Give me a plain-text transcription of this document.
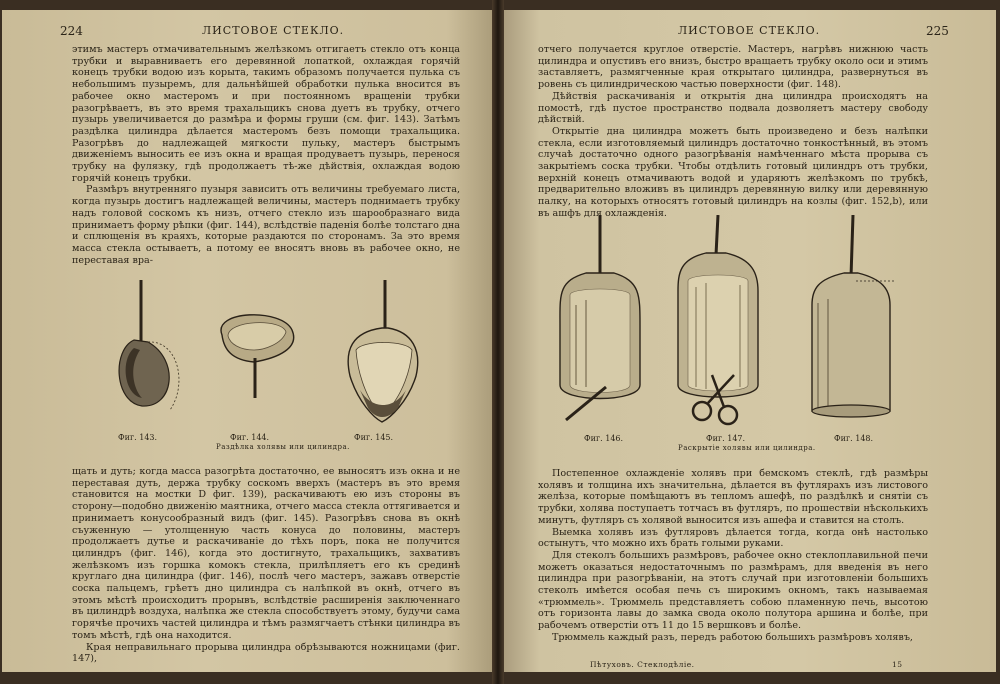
224	ЛИСТОВОЕ СТЕКЛО.

этимъ мастеръ отмачивательнымъ желѣзкомъ отгигаетъ стекло отъ конца трубки и выравниваетъ его деревянной лопаткой, охлаждая горячій конецъ трубки водою изъ корыта, такимъ образомъ получается пулька съ небольшимъ пузыремъ, для дальнѣйшей обработки пулька вносится въ рабочее окно мастеромъ и при постоянномъ вращеніи трубки разогрѣваетъ, въ это время трахальщикъ снова дуетъ въ трубку, отчего пузырь увеличивается до размѣра и формы груши (см. фиг. 143). Затѣмъ раздѣлка цилиндра дѣлается мастеромъ безъ помощи трахальщика. Разогрѣвъ до надлежащей мягкости пульку, мастеръ быстрымъ движеніемъ выносить ее изъ окна и вращая продуваетъ пузырь, перенося трубку на фулязку, гдѣ продолжаетъ тѣ-же дѣйствія, охлаждая водою горячій конецъ трубки.

Размѣръ внутренняго пузыря зависитъ отъ величины требуемаго листа, когда пузырь достигъ надлежащей величины, мастеръ поднимаетъ трубку надъ головой соскомъ къ низъ, отчего стекло изъ шарообразнаго вида принимаетъ форму рѣпки (фиг. 144), вслѣдствіе паденія болѣе толстаго дна и сплющенія въ краяхъ, которые раздаются по сторонамъ. За это время масса стекла остываетъ, а потому ее вносятъ вновь въ рабочее окно, не переставая вра-

Фиг. 143.	Фиг. 144.	Фиг. 145.
Раздѣлка холявы или цилиндра.

щать и дуть; когда масса разогрѣта достаточно, ее выносятъ изъ окна и не переставая дуть, держа трубку соскомъ вверхъ (мастеръ въ это время становится на мостки D фиг. 139), раскачиваютъ ею изъ стороны въ сторону—подобно движенію маятника, отчего масса стекла оттягивается и принимаетъ конусообразный видъ (фиг. 145). Разогрѣвъ снова въ окнѣ съуженную — утолщенную часть конуса до половины, мастеръ продолжаетъ дутье и раскачиваніе до тѣхъ поръ, пока не получится цилиндръ (фиг. 146), когда это достигнуто, трахальщикъ, захвативъ желѣзкомъ изъ горшка комокъ стекла, прилѣпляетъ его къ срединѣ круглаго дна цилиндра (фиг. 146), послѣ чего мастеръ, зажавъ отверстіе соска пальцемъ, грѣетъ дно цилиндра съ налѣпкой въ окнѣ, отчего въ этомъ мѣстѣ происходитъ прорывъ, вслѣдствіе расширенія заключеннаго въ цилиндрѣ воздуха, налѣпка же стекла способствуетъ этому, будучи сама горячѣе прочихъ частей цилиндра и тѣмъ размягчаетъ стѣнки цилиндра въ томъ мѣстѣ, гдѣ она находится.

Края неправильнаго прорыва цилиндра обрѣзываются ножницами (фиг. 147),

ЛИСТОВОЕ СТЕКЛО.	225

отчего получается круглое отверстіе. Мастеръ, нагрѣвъ нижнюю часть цилиндра и опустивъ его внизъ, быстро вращаетъ трубку около оси и этимъ заставляетъ, размягченные края открытаго цилиндра, развернуться въ ровень съ цилиндрическою частью поверхности (фиг. 148).

Дѣйствія раскачиванія и открытія дна цилиндра происходятъ на помостѣ, гдѣ пустое пространство подвала дозволяетъ мастеру свободу дѣйствій.

Открытіе дна цилиндра можетъ быть произведено и безъ налѣпки стекла, если изготовляемый цилиндръ достаточно тонкостѣнный, въ этомъ случаѣ достаточно одного разогрѣванія намѣченнаго мѣста прорыва съ закрытіемъ соска трубки. Чтобы отдѣлить готовый цилиндръ отъ трубки, верхній конецъ отмачиваютъ водой и ударяютъ желѣзкомъ по трубкѣ, предварительно вложивъ въ цилиндръ деревянную вилку или деревянную палку, на которыхъ относятъ готовый цилиндръ на козлы (фиг. 152,b), или въ ашфъ для охлажденія.

Фиг. 146.	Фиг. 147.	Фиг. 148.
Раскрытіе холявы или цилиндра.

Постепенное охлажденіе холявъ при бемскомъ стеклѣ, гдѣ размѣры холявъ и толщина ихъ значительна, дѣлается въ футлярахъ изъ листового желѣза, которые помѣщаютъ въ тепломъ ашефѣ, по раздѣлкѣ и снятіи съ трубки, холява поступаетъ тотчасъ въ футляръ, по прошествіи нѣсколькихъ минутъ, футляръ съ холявой выносится изъ ашефа и ставится на столъ.

Выемка холявъ изъ футляровъ дѣлается тогда, когда онѣ настолько остынутъ, что можно ихъ брать голыми руками.

Для стеколъ большихъ размѣровъ, рабочее окно стеклоплавильной печи можетъ оказаться недостаточнымъ по размѣрамъ, для введенія въ него цилиндра при разогрѣваніи, на этотъ случай при изготовленіи большихъ стеколъ имѣется особая печь съ широкимъ окномъ, такъ называемая «трюммель». Трюммель представляетъ собою пламенную печь, высотою отъ горизонта лавы до замка свода около полутора аршина и болѣе, при рабочемъ отверстіи отъ 11 до 15 вершковъ и болѣе.

Трюммель каждый разъ, передъ работою большихъ размѣровъ холявъ,

Пѣтуховъ. Стеклодѣліе.	15
